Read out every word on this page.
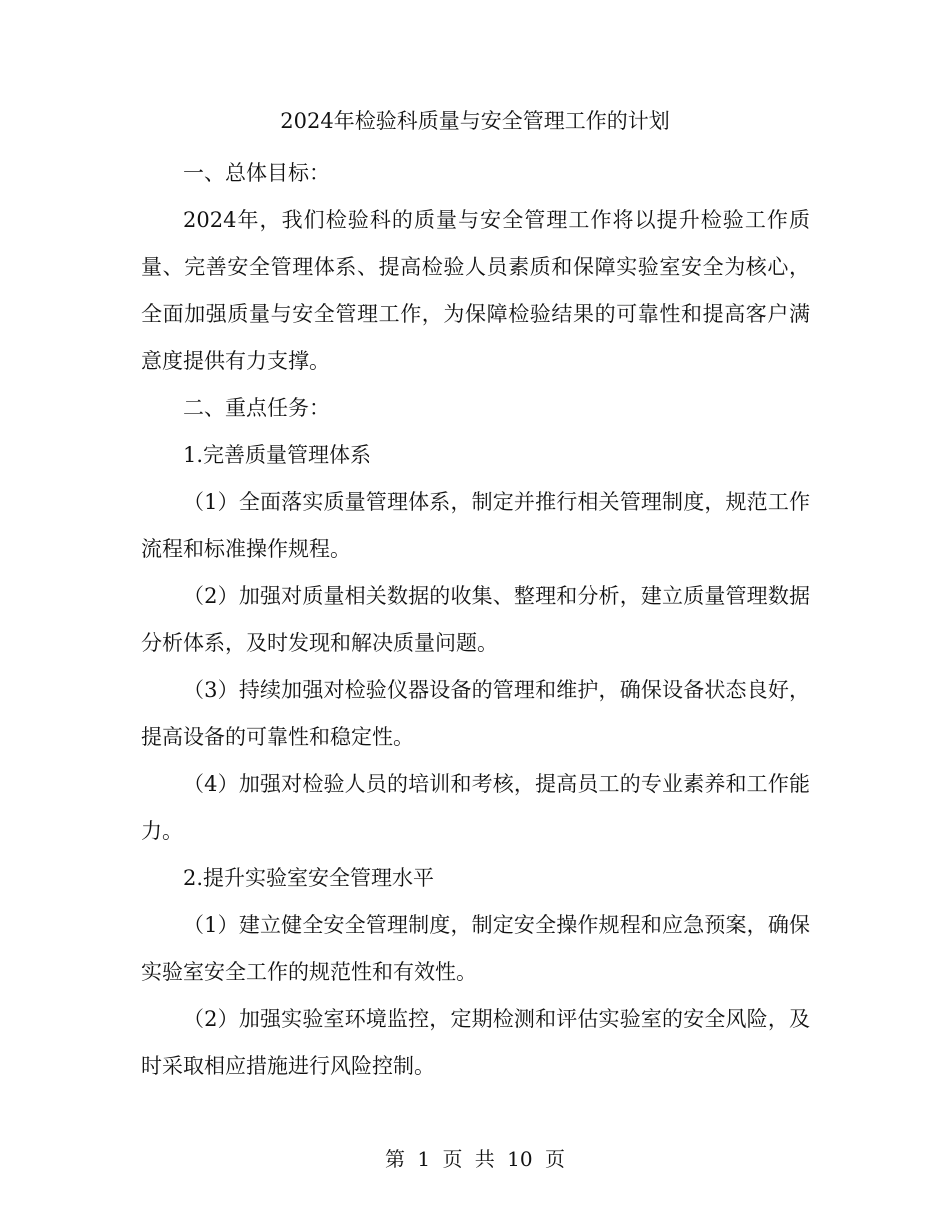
2024年检验科质量与安全管理工作的计划

一、总体目标：

2024年，我们检验科的质量与安全管理工作将以提升检验工作质量、完善安全管理体系、提高检验人员素质和保障实验室安全为核心，全面加强质量与安全管理工作，为保障检验结果的可靠性和提高客户满意度提供有力支撑。

二、重点任务：

1.完善质量管理体系

（1）全面落实质量管理体系，制定并推行相关管理制度，规范工作流程和标准操作规程。

（2）加强对质量相关数据的收集、整理和分析，建立质量管理数据分析体系，及时发现和解决质量问题。

（3）持续加强对检验仪器设备的管理和维护，确保设备状态良好，提高设备的可靠性和稳定性。

（4）加强对检验人员的培训和考核，提高员工的专业素养和工作能力。

2.提升实验室安全管理水平

（1）建立健全安全管理制度，制定安全操作规程和应急预案，确保实验室安全工作的规范性和有效性。

（2）加强实验室环境监控，定期检测和评估实验室的安全风险，及时采取相应措施进行风险控制。

第 1 页 共 10 页
